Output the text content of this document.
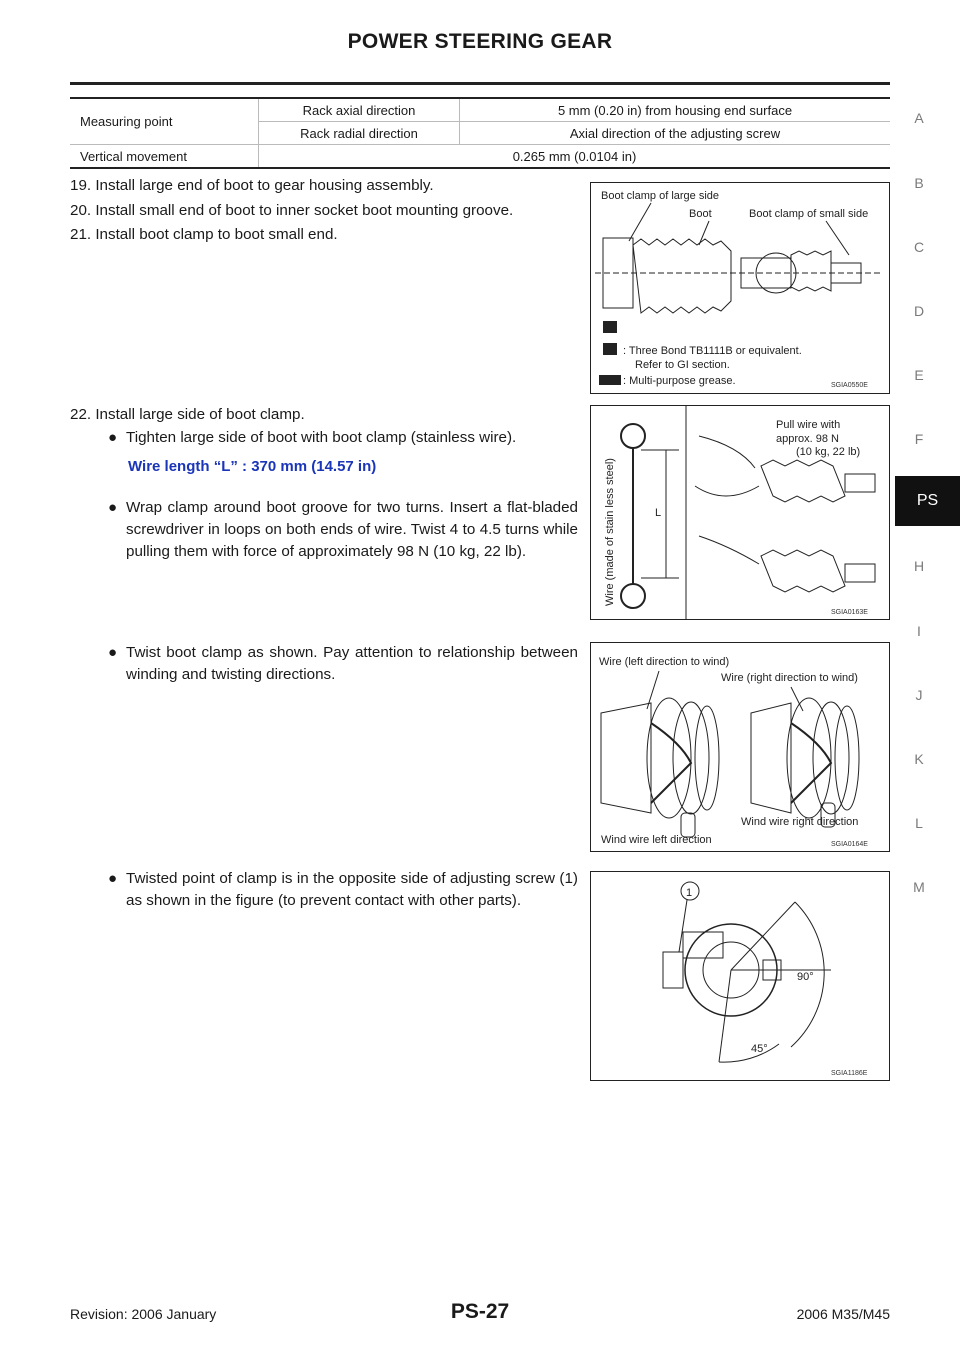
POWER STEERING GEAR
A
B
C
D
E
F
PS
H
I
J
K
L
M
Measuring point	Rack axial direction	5 mm (0.20 in) from housing end surface
	Rack radial direction	Axial direction of the adjusting screw
Vertical movement	0.265 mm (0.0104 in)	
19. Install large end of boot to gear housing assembly.
20. Install small end of boot to inner socket boot mounting groove.
21. Install boot clamp to boot small end.
22. Install large side of boot clamp.
● Tighten large side of boot with boot clamp (stainless wire).
Wire length “L” : 370 mm (14.57 in)
● Wrap clamp around boot groove for two turns. Insert a flat-bladed screwdriver in loops on both ends of wire. Twist 4 to 4.5 turns while pulling them with force of approximately 98 N (10 kg, 22 lb).
● Twist boot clamp as shown. Pay attention to relationship between winding and twisting directions.
● Twisted point of clamp is in the opposite side of adjusting screw (1) as shown in the figure (to prevent contact with other parts).
Boot clamp of large side
Boot	Boot clamp of small side
: Three Bond TB1111B or equivalent.
Refer to GI section.
: Multi-purpose grease.	SGIA0550E
Wire (made of stain less steel)	L
Pull wire with
approx. 98 N
(10 kg, 22 lb)
SGIA0163E
Wire (left direction to wind)
Wire (right direction to wind)
Wind wire left direction
Wind wire right direction
SGIA0164E
1
90°
45°
SGIA1186E
Revision: 2006 January	PS-27	2006 M35/M45
